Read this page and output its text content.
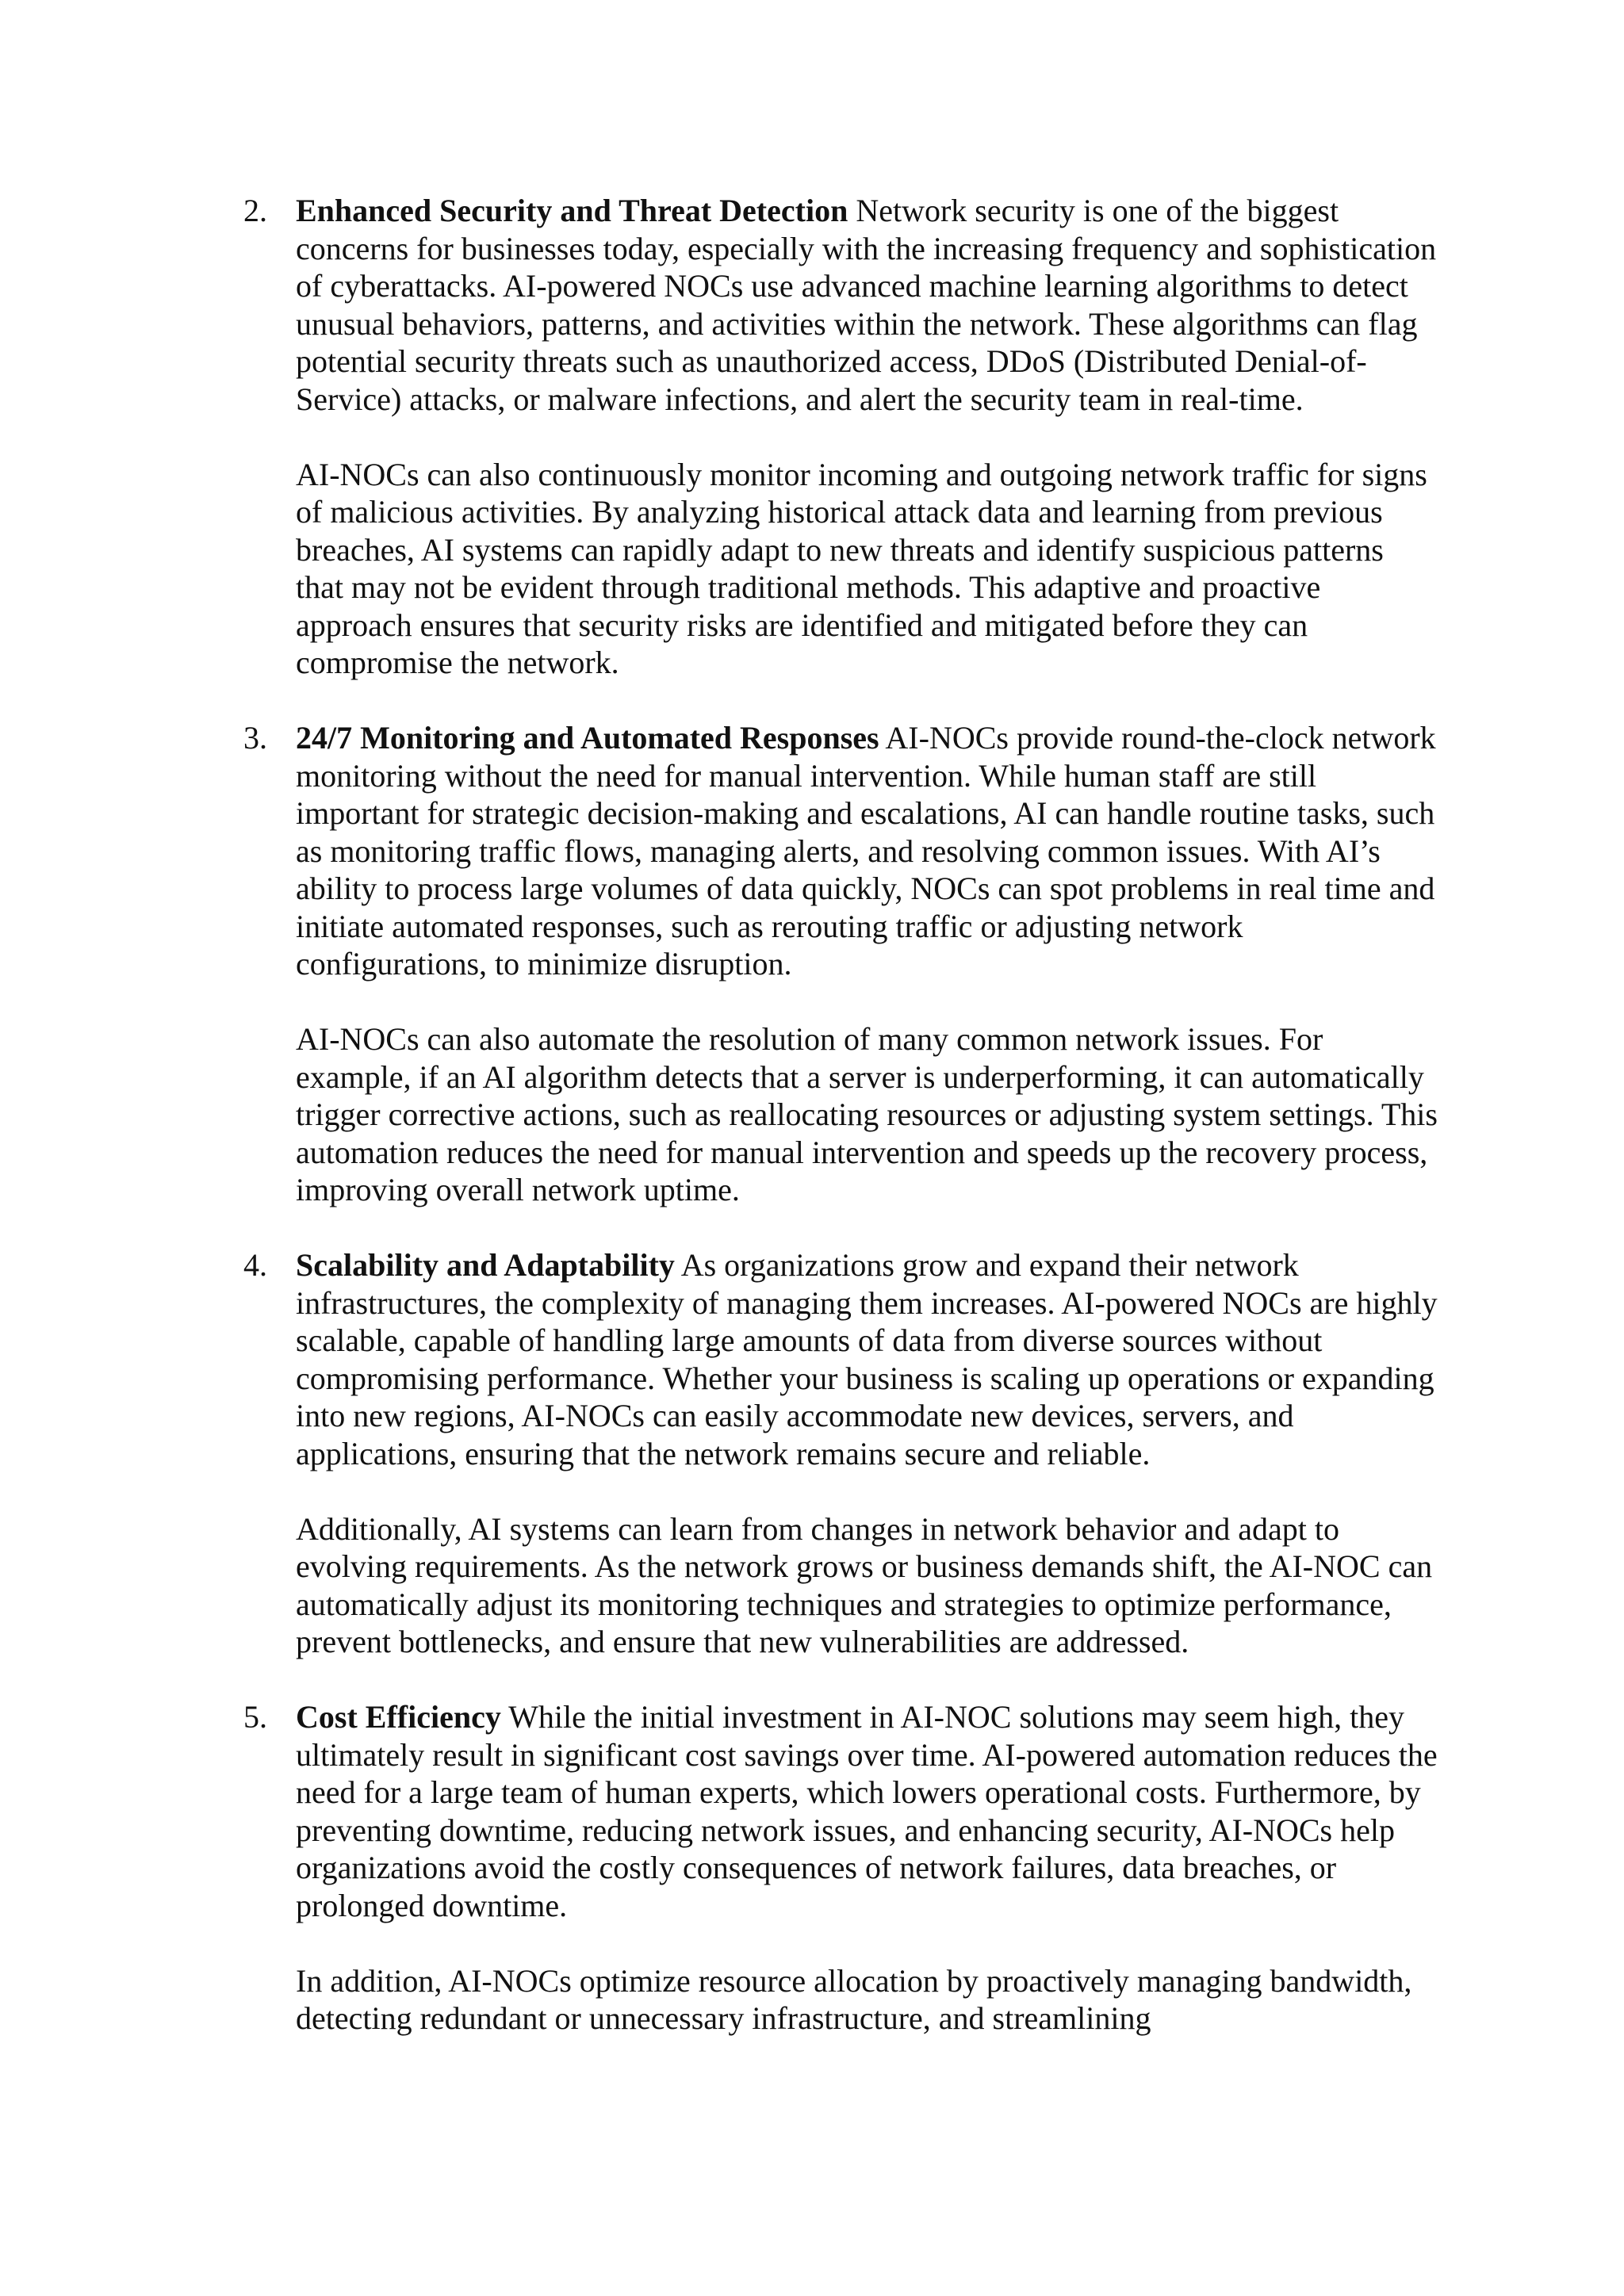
2. Enhanced Security and Threat Detection Network security is one of the biggest concerns for businesses today, especially with the increasing frequency and sophistication of cyberattacks. AI-powered NOCs use advanced machine learning algorithms to detect unusual behaviors, patterns, and activities within the network. These algorithms can flag potential security threats such as unauthorized access, DDoS (Distributed Denial-of-Service) attacks, or malware infections, and alert the security team in real-time.

AI-NOCs can also continuously monitor incoming and outgoing network traffic for signs of malicious activities. By analyzing historical attack data and learning from previous breaches, AI systems can rapidly adapt to new threats and identify suspicious patterns that may not be evident through traditional methods. This adaptive and proactive approach ensures that security risks are identified and mitigated before they can compromise the network.

3. 24/7 Monitoring and Automated Responses AI-NOCs provide round-the-clock network monitoring without the need for manual intervention. While human staff are still important for strategic decision-making and escalations, AI can handle routine tasks, such as monitoring traffic flows, managing alerts, and resolving common issues. With AI’s ability to process large volumes of data quickly, NOCs can spot problems in real time and initiate automated responses, such as rerouting traffic or adjusting network configurations, to minimize disruption.

AI-NOCs can also automate the resolution of many common network issues. For example, if an AI algorithm detects that a server is underperforming, it can automatically trigger corrective actions, such as reallocating resources or adjusting system settings. This automation reduces the need for manual intervention and speeds up the recovery process, improving overall network uptime.

4. Scalability and Adaptability As organizations grow and expand their network infrastructures, the complexity of managing them increases. AI-powered NOCs are highly scalable, capable of handling large amounts of data from diverse sources without compromising performance. Whether your business is scaling up operations or expanding into new regions, AI-NOCs can easily accommodate new devices, servers, and applications, ensuring that the network remains secure and reliable.

Additionally, AI systems can learn from changes in network behavior and adapt to evolving requirements. As the network grows or business demands shift, the AI-NOC can automatically adjust its monitoring techniques and strategies to optimize performance, prevent bottlenecks, and ensure that new vulnerabilities are addressed.

5. Cost Efficiency While the initial investment in AI-NOC solutions may seem high, they ultimately result in significant cost savings over time. AI-powered automation reduces the need for a large team of human experts, which lowers operational costs. Furthermore, by preventing downtime, reducing network issues, and enhancing security, AI-NOCs help organizations avoid the costly consequences of network failures, data breaches, or prolonged downtime.

In addition, AI-NOCs optimize resource allocation by proactively managing bandwidth, detecting redundant or unnecessary infrastructure, and streamlining
